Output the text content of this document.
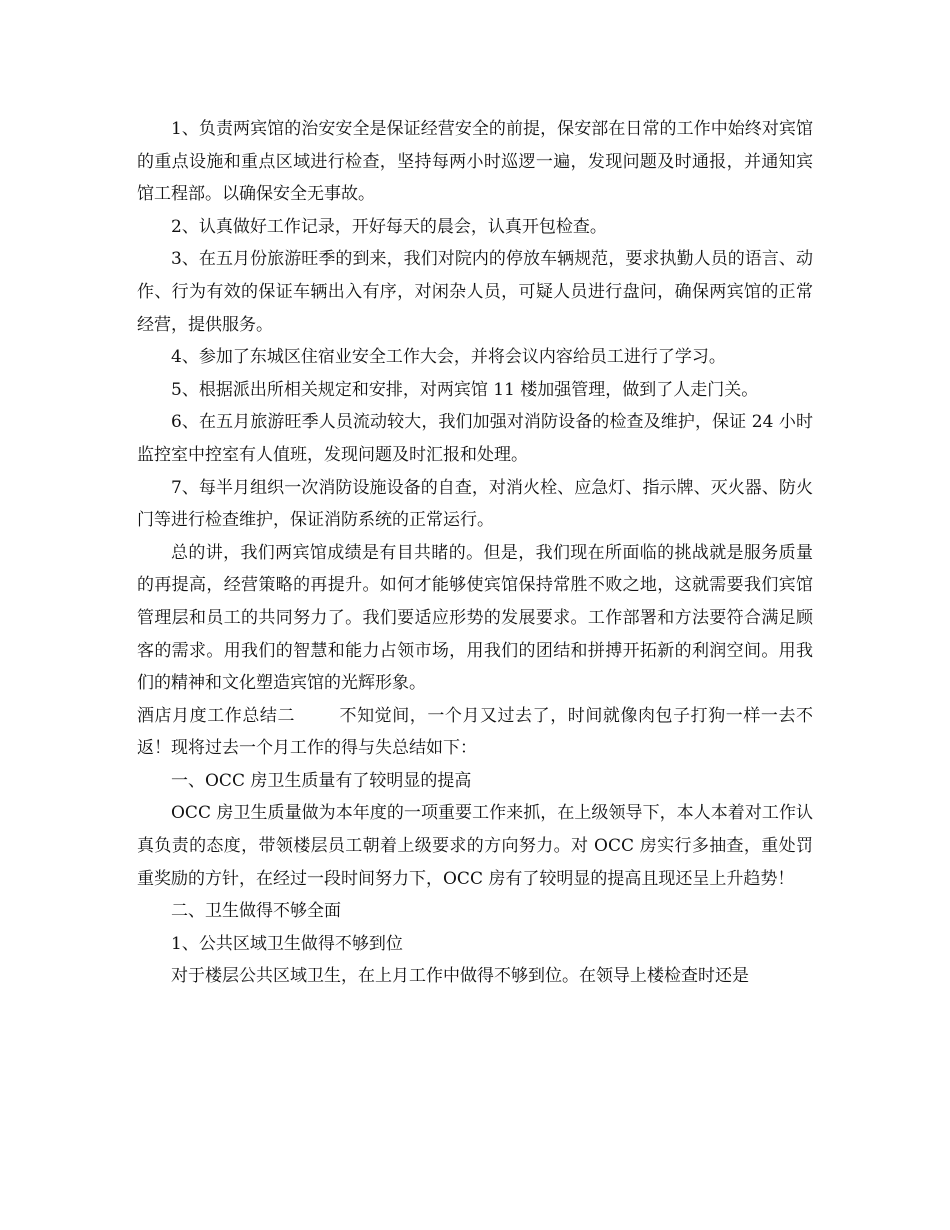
1、负责两宾馆的治安安全是保证经营安全的前提，保安部在日常的工作中始终对宾馆的重点设施和重点区域进行检查，坚持每两小时巡逻一遍，发现问题及时通报，并通知宾馆工程部。以确保安全无事故。

2、认真做好工作记录，开好每天的晨会，认真开包检查。

3、在五月份旅游旺季的到来，我们对院内的停放车辆规范，要求执勤人员的语言、动作、行为有效的保证车辆出入有序，对闲杂人员，可疑人员进行盘问，确保两宾馆的正常经营，提供服务。

4、参加了东城区住宿业安全工作大会，并将会议内容给员工进行了学习。

5、根据派出所相关规定和安排，对两宾馆 11 楼加强管理，做到了人走门关。

6、在五月旅游旺季人员流动较大，我们加强对消防设备的检查及维护，保证 24 小时监控室中控室有人值班，发现问题及时汇报和处理。

7、每半月组织一次消防设施设备的自查，对消火栓、应急灯、指示牌、灭火器、防火门等进行检查维护，保证消防系统的正常运行。

总的讲，我们两宾馆成绩是有目共睹的。但是，我们现在所面临的挑战就是服务质量的再提高，经营策略的再提升。如何才能够使宾馆保持常胜不败之地，这就需要我们宾馆管理层和员工的共同努力了。我们要适应形势的发展要求。工作部署和方法要符合满足顾客的需求。用我们的智慧和能力占领市场，用我们的团结和拼搏开拓新的利润空间。用我们的精神和文化塑造宾馆的光辉形象。

酒店月度工作总结二	不知觉间，一个月又过去了，时间就像肉包子打狗一样一去不返！现将过去一个月工作的得与失总结如下：

一、OCC 房卫生质量有了较明显的提高

OCC 房卫生质量做为本年度的一项重要工作来抓，在上级领导下，本人本着对工作认真负责的态度，带领楼层员工朝着上级要求的方向努力。对 OCC 房实行多抽查，重处罚重奖励的方针，在经过一段时间努力下，OCC 房有了较明显的提高且现还呈上升趋势！

二、卫生做得不够全面

1、公共区域卫生做得不够到位

对于楼层公共区域卫生，在上月工作中做得不够到位。在领导上楼检查时还是
